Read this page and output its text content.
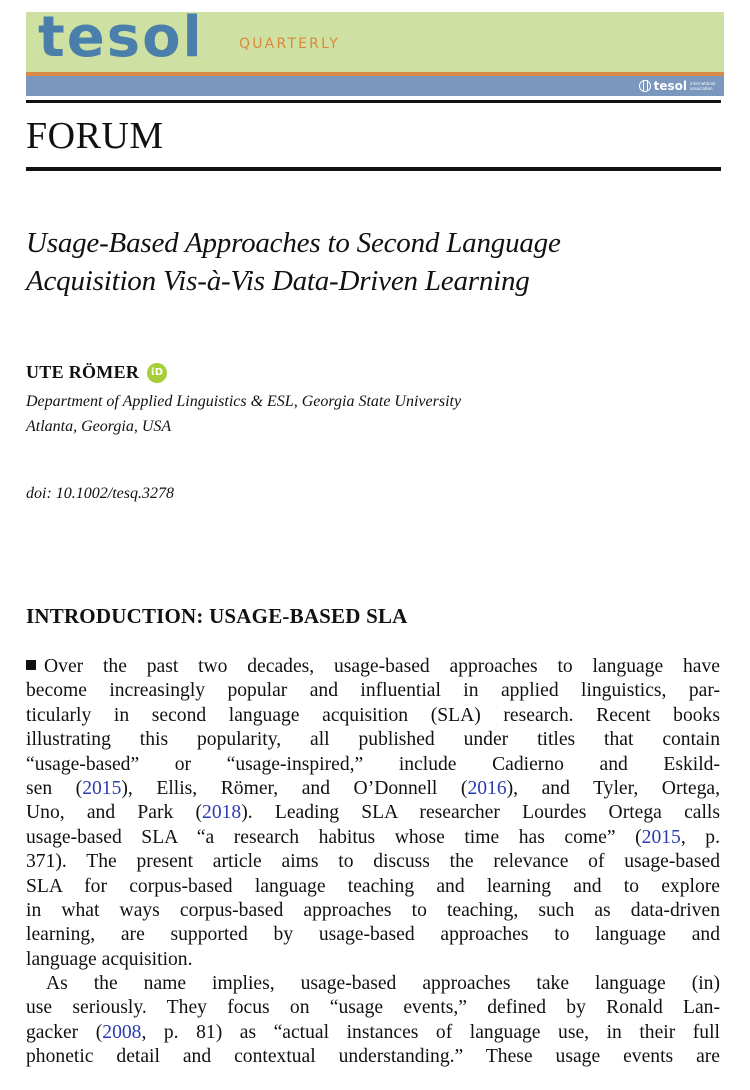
tesol	QUARTERLY
tesol international association
FORUM
Usage-Based Approaches to Second Language
Acquisition Vis-à-Vis Data-Driven Learning
UTE RÖMER	iD
Department of Applied Linguistics & ESL, Georgia State University
Atlanta, Georgia, USA
doi: 10.1002/tesq.3278
INTRODUCTION: USAGE-BASED SLA
Over the past two decades, usage-based approaches to language have
become increasingly popular and influential in applied linguistics, par-
ticularly in second language acquisition (SLA) research. Recent books
illustrating this popularity, all published under titles that contain
“usage-based” or “usage-inspired,” include Cadierno and Eskild-
sen (2015), Ellis, Römer, and O’Donnell (2016), and Tyler, Ortega,
Uno, and Park (2018). Leading SLA researcher Lourdes Ortega calls
usage-based SLA “a research habitus whose time has come” (2015, p.
371). The present article aims to discuss the relevance of usage-based
SLA for corpus-based language teaching and learning and to explore
in what ways corpus-based approaches to teaching, such as data-driven
learning, are supported by usage-based approaches to language and
language acquisition.
As the name implies, usage-based approaches take language (in)
use seriously. They focus on “usage events,” defined by Ronald Lan-
gacker (2008, p. 81) as “actual instances of language use, in their full
phonetic detail and contextual understanding.” These usage events are
